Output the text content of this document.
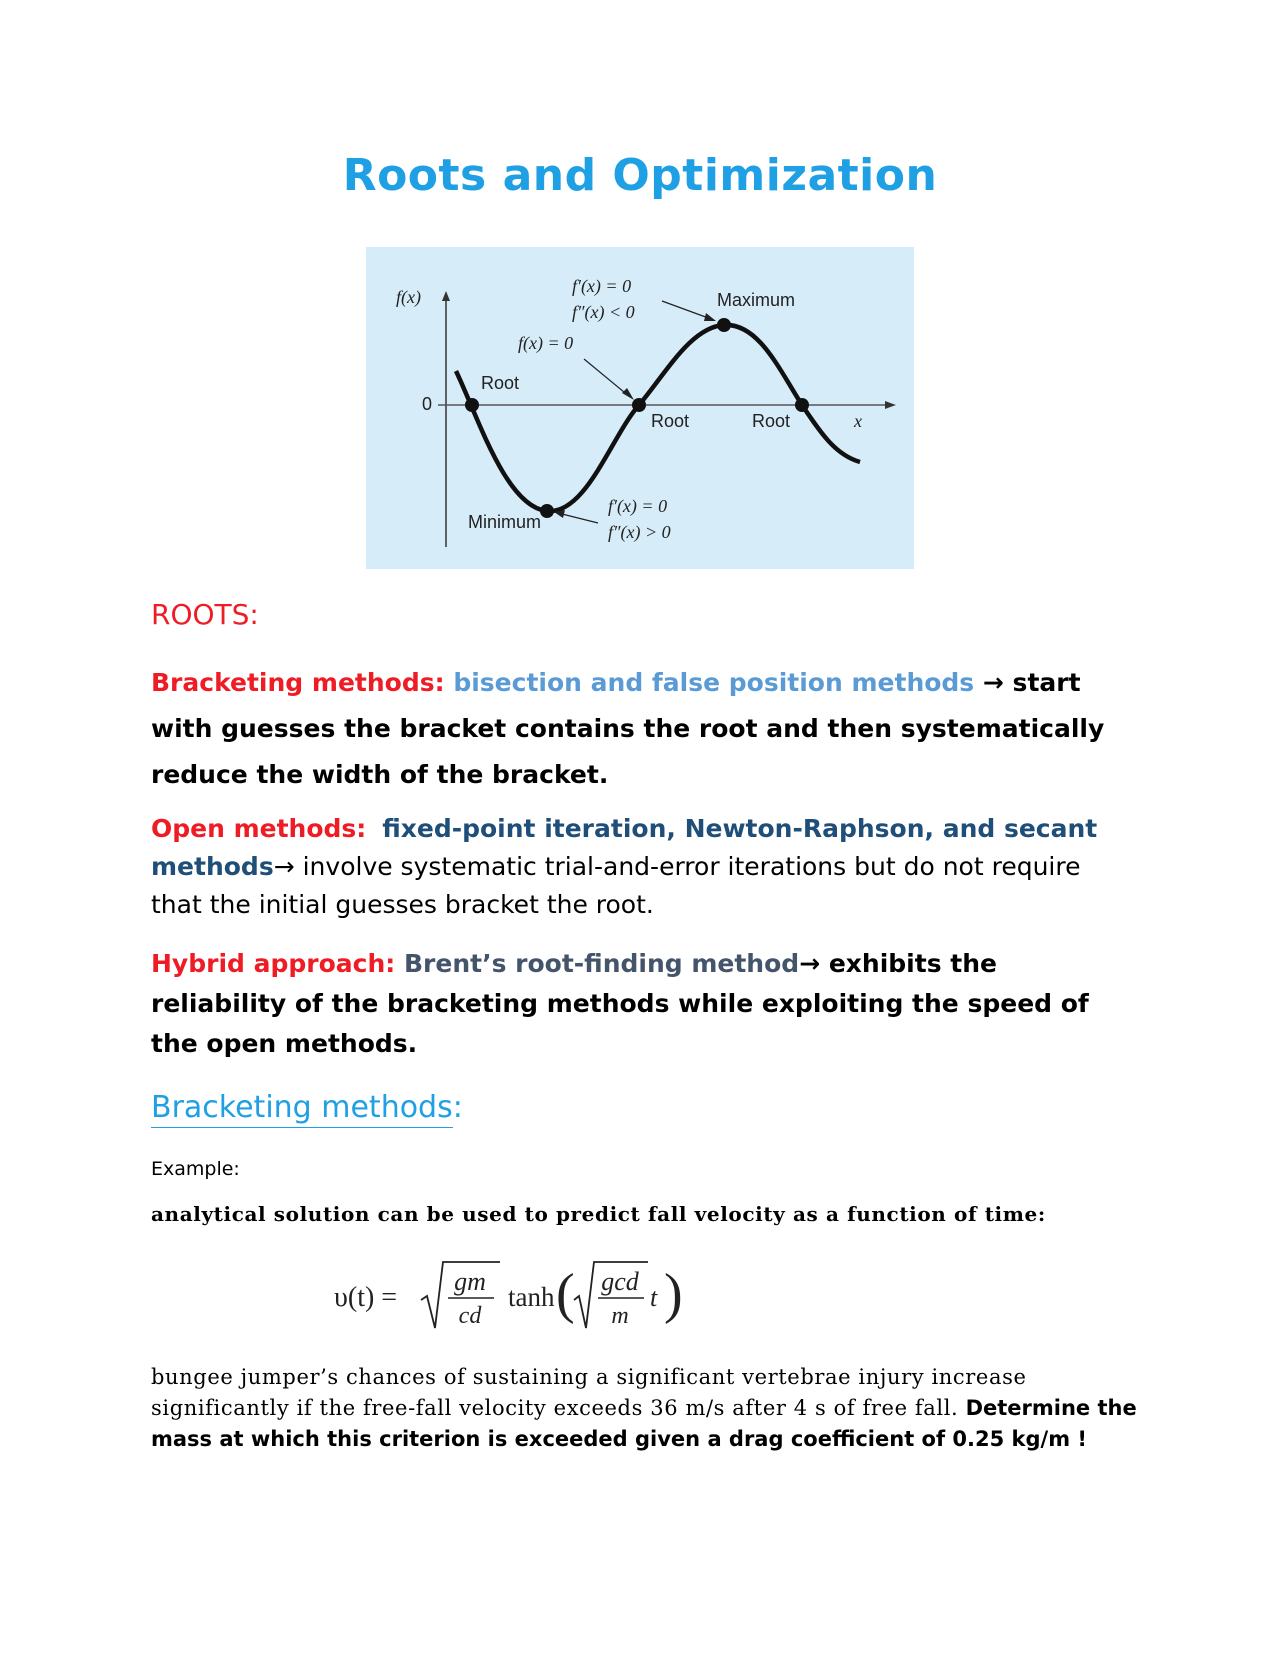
Roots and Optimization
f(x)
0
x
Root
Root	Root
Maximum
Minimum
f′(x) = 0
f″(x) < 0
f(x) = 0
f′(x) = 0
f″(x) > 0
ROOTS:
Bracketing methods: bisection and false position methods → start with guesses the bracket contains the root and then systematically reduce the width of the bracket.
Open methods: fixed-point iteration, Newton-Raphson, and secant methods→ involve systematic trial-and-error iterations but do not require that the initial guesses bracket the root.
Hybrid approach: Brent’s root-finding method→ exhibits the reliability of the bracketing methods while exploiting the speed of the open methods.
Bracketing methods:
Example:
analytical solution can be used to predict fall velocity as a function of time:
υ(t) =
gm
cd
tanh ( gcd
m
t )
bungee jumper’s chances of sustaining a significant vertebrae injury increase significantly if the free-fall velocity exceeds 36 m/s after 4 s of free fall. Determine the mass at which this criterion is exceeded given a drag coefficient of 0.25 kg/m !
